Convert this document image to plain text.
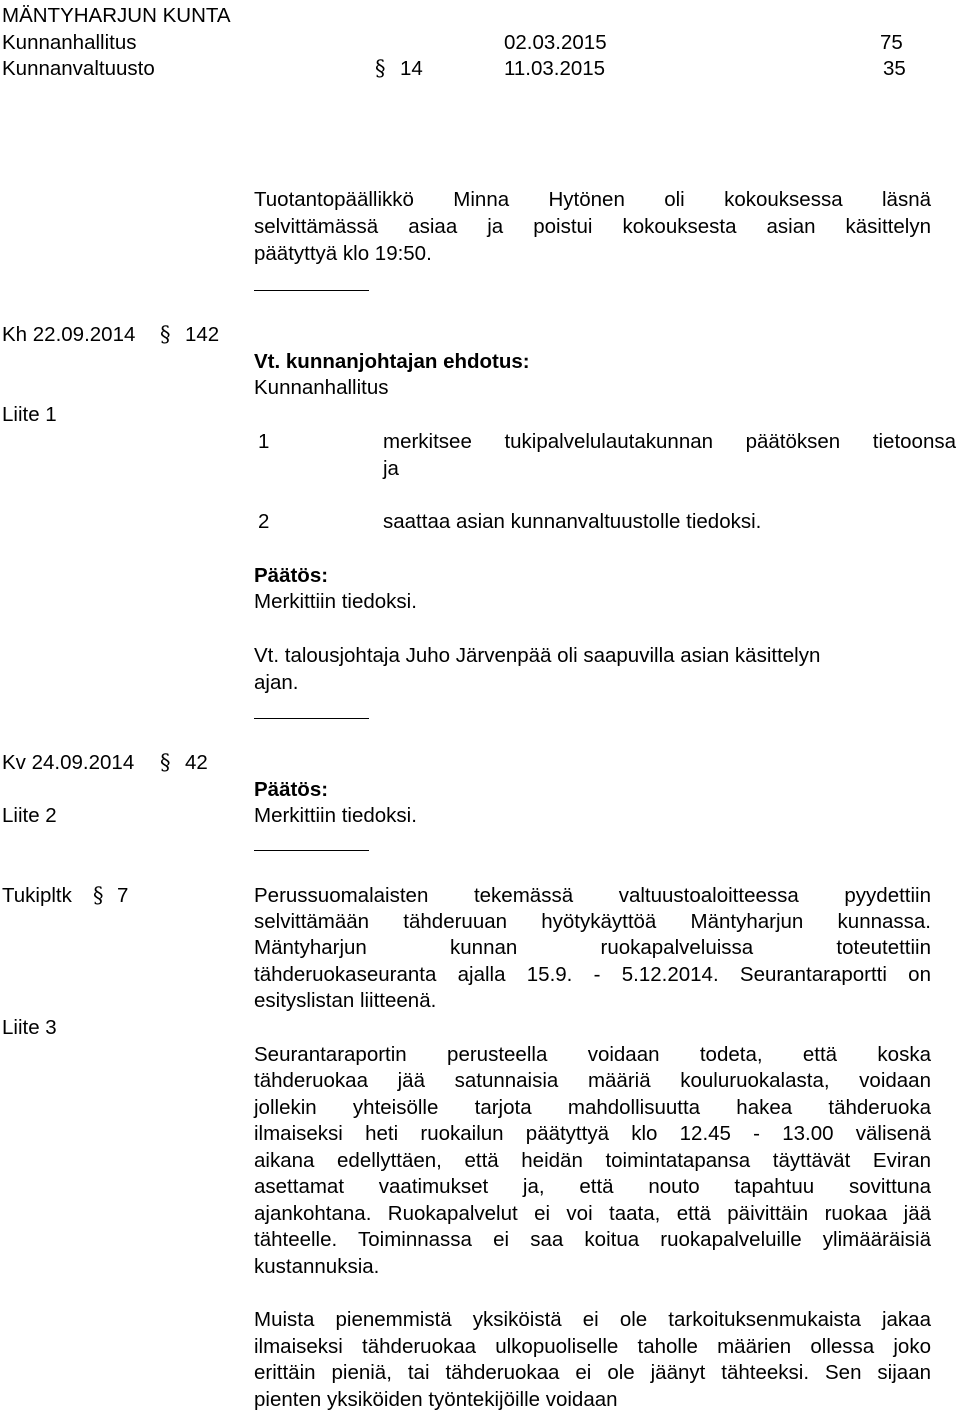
MÄNTYHARJUN KUNTA
Kunnanhallitus	02.03.2015	75
Kunnanvaltuusto	§ 14	11.03.2015	35
Tuotantopäällikkö Minna Hytönen oli kokouksessa läsnä
selvittämässä asiaa ja poistui kokouksesta asian käsittelyn
päätyttyä klo 19:50.
Kh 22.09.2014 § 142
Liite 1
Vt. kunnanjohtajan ehdotus:
Kunnanhallitus
1	merkitsee tukipalvelulautakunnan päätöksen tietoonsa
ja
2	saattaa asian kunnanvaltuustolle tiedoksi.
Päätös:
Merkittiin tiedoksi.
Vt. talousjohtaja Juho Järvenpää oli saapuvilla asian käsittelyn
ajan.
Kv 24.09.2014 § 42
Liite 2
Päätös:
Merkittiin tiedoksi.
Tukipltk § 7
Liite 3
Perussuomalaisten tekemässä valtuustoaloitteessa pyydettiin
selvittämään tähderuuan hyötykäyttöä Mäntyharjun kunnassa.
Mäntyharjun kunnan ruokapalveluissa toteutettiin
tähderuokaseuranta ajalla 15.9. - 5.12.2014. Seurantaraportti on
esityslistan liitteenä.
Seurantaraportin perusteella voidaan todeta, että koska
tähderuokaa jää satunnaisia määriä kouluruokalasta, voidaan
jollekin yhteisölle tarjota mahdollisuutta hakea tähderuoka
ilmaiseksi heti ruokailun päätyttyä klo 12.45 - 13.00 välisenä
aikana edellyttäen, että heidän toimintatapansa täyttävät Eviran
asettamat vaatimukset ja, että nouto tapahtuu sovittuna
ajankohtana. Ruokapalvelut ei voi taata, että päivittäin ruokaa jää
tähteelle. Toiminnassa ei saa koitua ruokapalveluille ylimääräisiä
kustannuksia.
Muista pienemmistä yksiköistä ei ole tarkoituksenmukaista jakaa
ilmaiseksi tähderuokaa ulkopuoliselle taholle määrien ollessa joko
erittäin pieniä, tai tähderuokaa ei ole jäänyt tähteeksi. Sen sijaan
pienten yksiköiden työntekijöille voidaan
